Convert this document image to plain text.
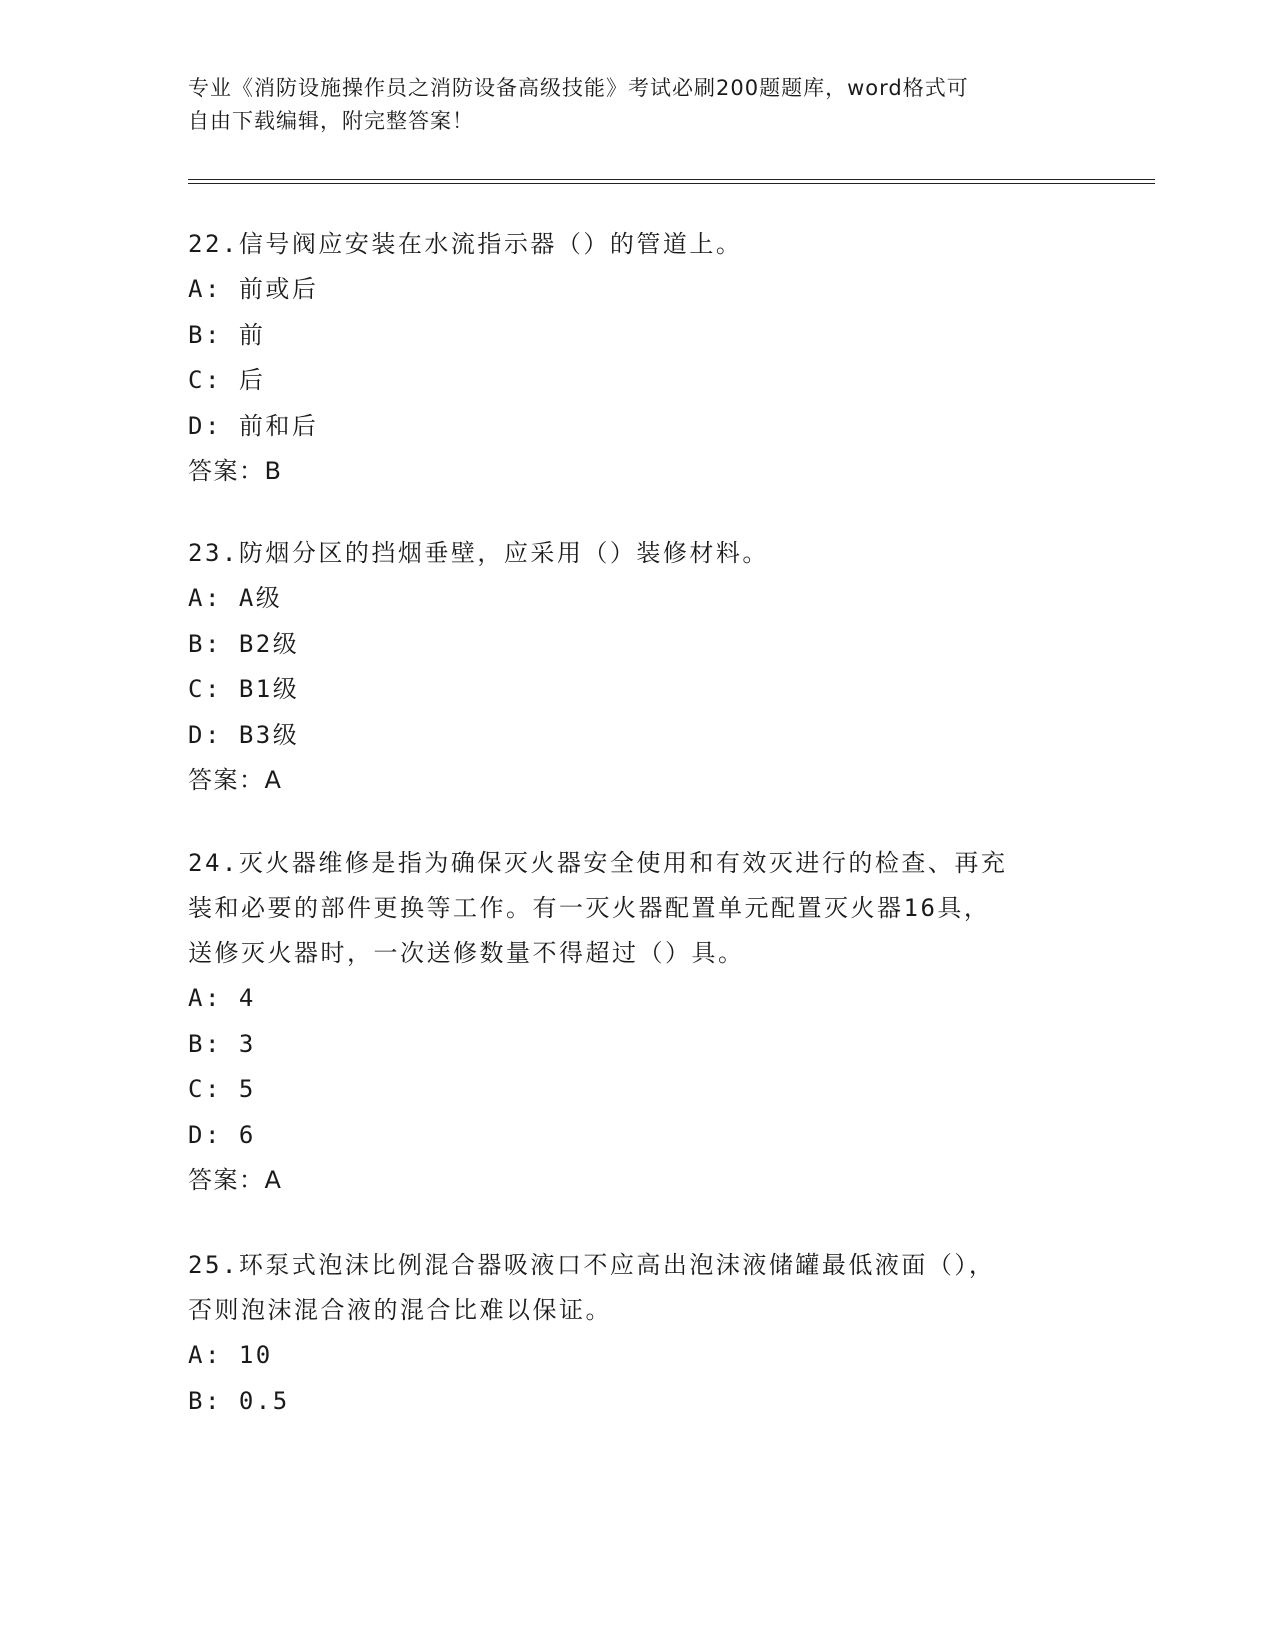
专业《消防设施操作员之消防设备高级技能》考试必刷200题题库，word格式可
自由下载编辑，附完整答案！
22.信号阀应安装在水流指示器（）的管道上。
A: 前或后
B: 前
C: 后
D: 前和后
答案：B
23.防烟分区的挡烟垂壁，应采用（）装修材料。
A: A级
B: B2级
C: B1级
D: B3级
答案：A
24.灭火器维修是指为确保灭火器安全使用和有效灭进行的检查、再充
装和必要的部件更换等工作。有一灭火器配置单元配置灭火器16具，
送修灭火器时，一次送修数量不得超过（）具。
A: 4
B: 3
C: 5
D: 6
答案：A
25.环泵式泡沫比例混合器吸液口不应高出泡沫液储罐最低液面（），
否则泡沫混合液的混合比难以保证。
A: 10
B: 0.5
